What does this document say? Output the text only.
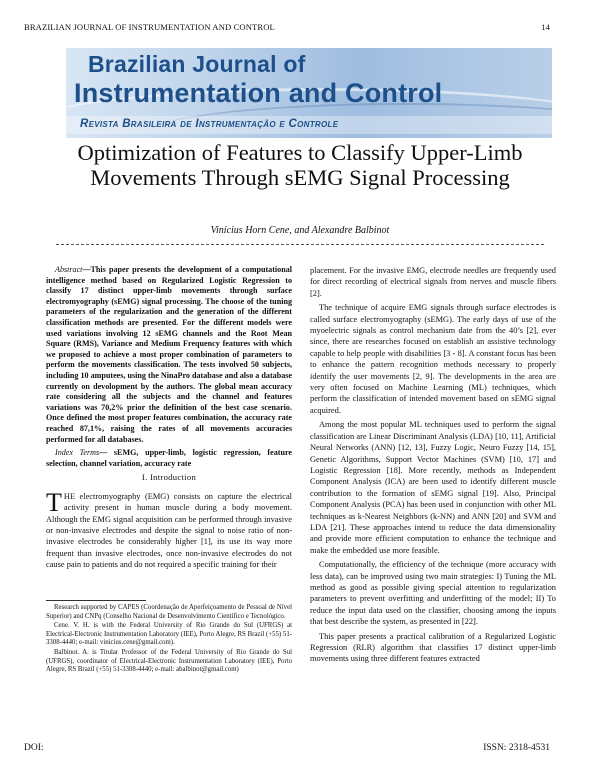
BRAZILIAN JOURNAL OF INSTRUMENTATION AND CONTROL	14
Brazilian Journal of
Instrumentation and Control
Revista Brasileira de Instrumentação e Controle
Optimization of Features to Classify Upper-Limb Movements Through sEMG Signal Processing
Vinícius Horn Cene, and Alexandre Balbinot

Abstract—This paper presents the development of a computational intelligence method based on Regularized Logistic Regression to classify 17 distinct upper-limb movements through surface electromyography (sEMG) signal processing. The choose of the tuning parameters of the regularization and the generation of the different classification methods are presented. For the different models were used variations involving 12 sEMG channels and the Root Mean Square (RMS), Variance and Medium Frequency features with which we proposed to achieve a most proper combination of parameters to perform the movements classification. The tests involved 50 subjects, including 10 amputees, using the NinaPro database and also a database currently on devolopment by the authors. The global mean accuracy rate considering all the subjects and the channel and features variations was 70,2% prior the definition of the best case scenario. Once defined the most proper features combination, the accuracy rate reached 87,1%, raising the rates of all movements accuracies performed for all databases.

Index Terms— sEMG, upper-limb, logistic regression, feature selection, channel variation, accuracy rate

I. Introduction

THE electromyography (EMG) consists on capture the electrical activity present in human muscle during a body movement. Although the EMG signal acquisition can be performed through invasive or non-invasive electrodes and despite the signal to noise ratio of non-invasive electrodes be considerably higher [1], its use its way more frequent than invasive electrodes, once non-invasive electrodes do not cause pain to patients and do not required a specific training for their

placement. For the invasive EMG, electrode needles are frequently used for direct recording of electrical signals from nerves and muscle fibers [2].

The technique of acquire EMG signals through surface electrodes is called surface electromyography (sEMG). The early days of use of the myoelectric signals as control mechanism date from the 40’s [2], ever since, there are researches focused on establish an assistive technology capable to help people with disabilities [3 - 8]. A constant focus has been to enhance the pattern recognition methods necessary to properly identify the user movements [2, 9]. The developments in the area are very often focused on Machine Learning (ML) techniques, which perform the classification of intended movement based on sEMG signal acquired.

Among the most popular ML techniques used to perform the signal classification are Linear Discriminant Analysis (LDA) [10, 11], Artificial Neural Networks (ANN) [12, 13], Fuzzy Logic, Neuro Fuzzy [14, 15], Genetic Algorithms, Support Vector Machines (SVM) [10, 17] and Logistic Regression [18]. More recently, methods as Independent Component Analysis (ICA) are been used to identify different muscle contribution to the formation of sEMG signal [19]. Also, Principal Component Analysis (PCA) has been used in conjunction with other ML techniques as k-Nearest Neighbors (k-NN) and ANN [20] and SVM and LDA [21]. These approaches intend to reduce the data dimensionality and provide more efficient computation to enhance the technique and make the embedded use more feasible.

Computationally, the efficiency of the technique (more accuracy with less data), can be improved using two main strategies: I) Tuning the ML method as good as possible giving special attention to regularization parameters to prevent overfitting and underfitting of the model; II) To reduce the input data used on the classifier, choosing among the inputs that best describe the system, as presented in [22].

This paper presents a practical calibration of a Regularized Logistic Regression (RLR) algorithm that classifies 17 distinct upper-limb movements using three different features extracted

Research supported by CAPES (Coordenação de Aperfeiçoamento de Pessoal de Nível Superior) and CNPq (Conselho Nacional de Desenvolvimento Científico e Tecnológico.

Cene. V. H. is with the Federal University of Rio Grande do Sul (UFRGS) at Electrical-Electronic Instrumentation Laboratory (IEE), Porto Alegre, RS Brazil (+55) 51-3308-4440; e-mail: vinicius.cene@gmail.com).

Balbinot. A. is Titular Professor of the Federal University of Rio Grande do Sul (UFRGS), coordinator of Electrical-Electronic Instrumentation Laboratory (IEE), Porto Alegre, RS Brazil (+55) 51-3308-4440; e-mail: abalbinot@gmail.com)

DOI:	ISSN: 2318-4531
